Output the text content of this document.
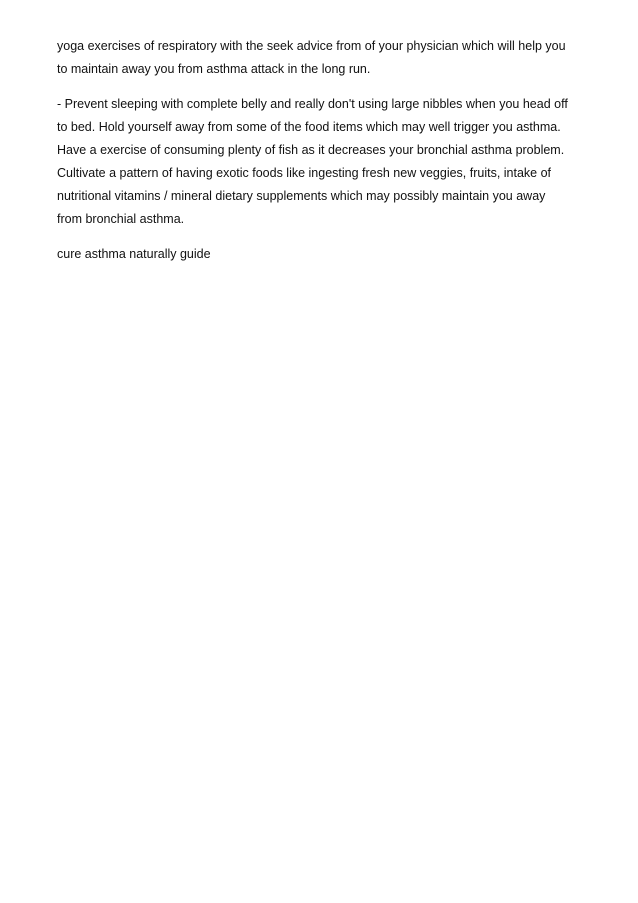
yoga exercises of respiratory with the seek advice from of your physician which will help you
to maintain away you from asthma attack in the long run.

- Prevent sleeping with complete belly and really don't using large nibbles when you head off
to bed. Hold yourself away from some of the food items which may well trigger you asthma.
Have a exercise of consuming plenty of fish as it decreases your bronchial asthma problem.
Cultivate a pattern of having exotic foods like ingesting fresh new veggies, fruits, intake of
nutritional vitamins / mineral dietary supplements which may possibly maintain you away
from bronchial asthma.

cure asthma naturally guide
